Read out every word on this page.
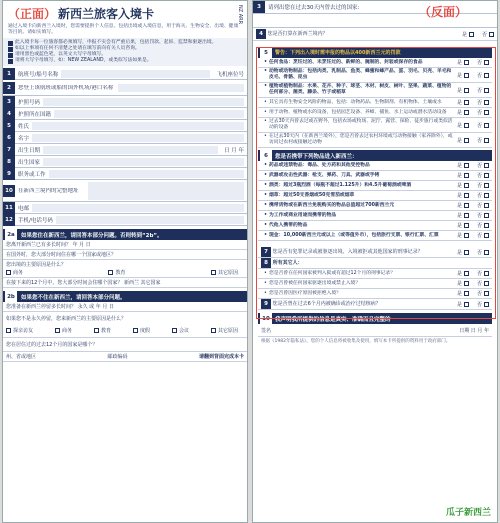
（正面） 新西兰旅客入境卡	NZ ARR
通过入境卡向新西兰入境时，您需要提供个人信息，包括出境或入境信息，用于海关、生物安全、出境、健康等目的。请如实填写。
此入境卡每一位旅客都必须填写，申报不实会有严重后果，包括罚款、起诉、监禁和驱逐出境。
如以上事项有任何不清楚之处请在填写前向有关人员咨询。
请用黑色或蓝色笔，以英文大写字母填写。
请将大写字母填写，如：NEW ZEALAND，或类似写法如果是。
1	航班号/船号名称	飞机座位号
2	您登上该航班或船的国外机场/港口名称
3	护照号码
4	护照所在国籍
5	姓氏
6	名字
7	出生日期	日 月 年
8	出生国家
9	职务或工作
10 在新西兰境内的完整地址
11 电邮
12 手机/电话号码
2a	如果您住在新西兰，请回答本部分问题。否则转到“2b”。
您离开新西兰已有多长时间？ 年 月 日
在国外时，您大部分时间住在哪一个国家或地区？
您出境的主要原因是什么？
商务	教育	其它原因
在接下来的12个月中，您大部分时间会住哪个国家？ 新西兰 其它国家
2b	如果您不住在新西兰，请回答本部分问题。
您准备在新西兰停留多长时间？ 永久 或 年 月 日
如果您不是永久停留，您来新西兰的主要原因是什么？
探亲访友	商务	教育	度假	会议	其它原因
您在居住过的过去12个月的国家是哪个？
州、省或地区	邮政编码	请翻到背面完成本卡
3	请列出您在过去30天内曾去过的国家:	（反面）
4 您是否打算在新西兰境内？	是	否
5	警告：下列出入境时需申报的物品以400新西兰元的罚款
• 任何食品：烹饪过的、未烹饪过的、新鲜的、腌制的、封装或保存的食品	是	否
• 动物或动物制品：包括肉类、乳制品、鱼类、蜂蜜和蜂产品、蛋、羽毛、贝壳、羊毛和皮毛、骨骼、昆虫	是	否
• 植物或植物制品：水果、花卉、种子、球茎、木材、树皮、树叶、坚果、蔬菜、植物的任何部分、菌类、藤条、竹子或稻草	是	否
• 其它具有生物安全风险的物品，包括：动物药品、生物制剂、有机物体、土壤或水	是	否
• 用于动物、植物或水的设备，包括园艺设备、养蜂、捕鱼、水上运动或潜水活动设备	是	否
• 过去30天内曾去过或在野外，包括农场或牧场、泥泞、露营、探险、徒步旅行或类似活动的设备	是	否
• 在过去30天内（在新西兰境外），您是否曾去过农村环境或与动物接触（家养除外），或访问过农村或接触过动物	是	否
6	您是否携带下列物品进入新西兰：
• 药品或违禁物品：毒品、处方药和其他受控物品	是	否
• 武器或攻击性武器：枪支、弹药、刀具、武器或手铐	是	否
• 酒类：超过3瓶烈酒（每瓶不超过1.125升）和4.5升葡萄酒或啤酒	是	否
• 烟草：超过50支香烟或50克雪茄或烟草	是	否
• 携带货物或在新西兰免税购买的物品总值超过700新西兰元	是	否
• 为工作或商业用途而携带的物品	是	否
• 代他人携带的物品	是	否
• 现金：10,000新西兰元或以上（或等值外币），包括旅行支票、银行汇票、汇票	是	否
7 您是否有犯罪记录或被驱逐出境、入境被拒或其他国家的刑事记录？	是	否
8 所有其它人：
• 您是否曾在任何国家被判入狱或有超过12个月的刑事记录？	是	否
• 您是否曾被任何国家驱逐出境或禁止入境？	是	否
• 您是否曾因医疗原因被拒绝入境？	是	否
9 您是否曾在过去6个月内被确诊或治疗过结核病？	是	否
10 我声明我所提供的信息是真实、准确而且完整的
签名	日期 日 月 年
根据《1982年隐私法》，您的个人信息将被收集及使用，填写本卡所提供的资料用于政府部门。
瓜子新西兰
